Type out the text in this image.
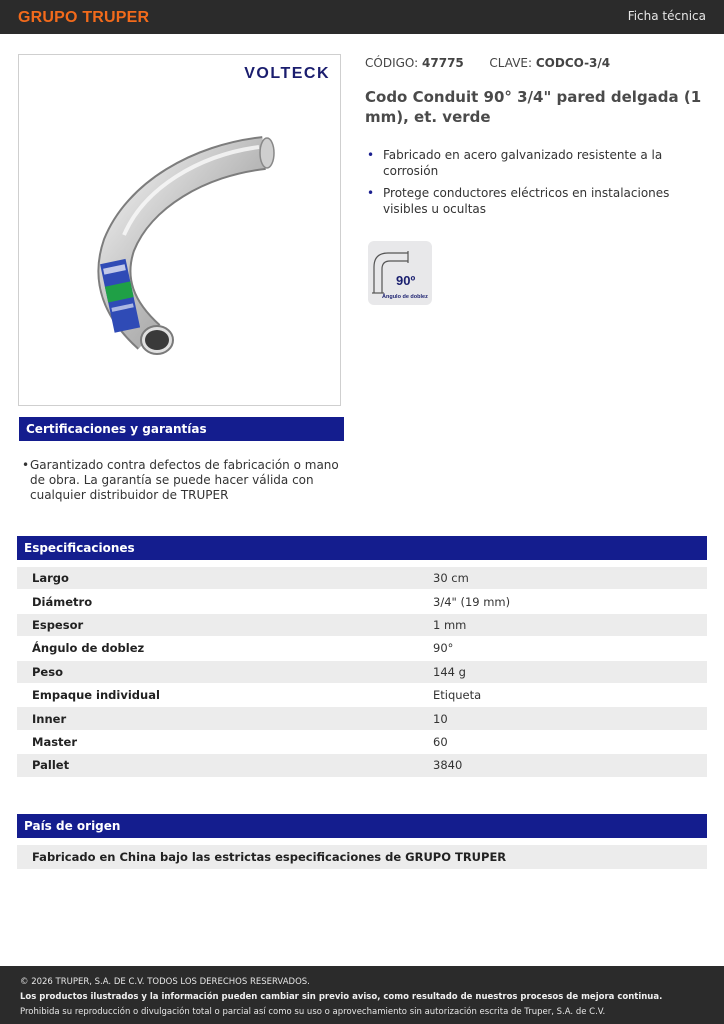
GRUPO TRUPER	Ficha técnica
VOLTECK
CÓDIGO: 47775 CLAVE: CODCO-3/4
Codo Conduit 90° 3/4" pared delgada (1 mm), et. verde
• Fabricado en acero galvanizado resistente a la corrosión
• Protege conductores eléctricos en instalaciones visibles u ocultas
90º
Ángulo de doblez
Certificaciones y garantías
• Garantizado contra defectos de fabricación o mano de obra. La garantía se puede hacer válida con cualquier distribuidor de TRUPER
Especificaciones
Largo	30 cm
Diámetro	3/4" (19 mm)
Espesor	1 mm
Ángulo de doblez	90°
Peso	144 g
Empaque individual	Etiqueta
Inner	10
Master	60
Pallet	3840
País de origen
Fabricado en China bajo las estrictas especificaciones de GRUPO TRUPER
© 2026 TRUPER, S.A. DE C.V. TODOS LOS DERECHOS RESERVADOS.
Los productos ilustrados y la información pueden cambiar sin previo aviso, como resultado de nuestros procesos de mejora continua.
Prohibida su reproducción o divulgación total o parcial así como su uso o aprovechamiento sin autorización escrita de Truper, S.A. de C.V.
